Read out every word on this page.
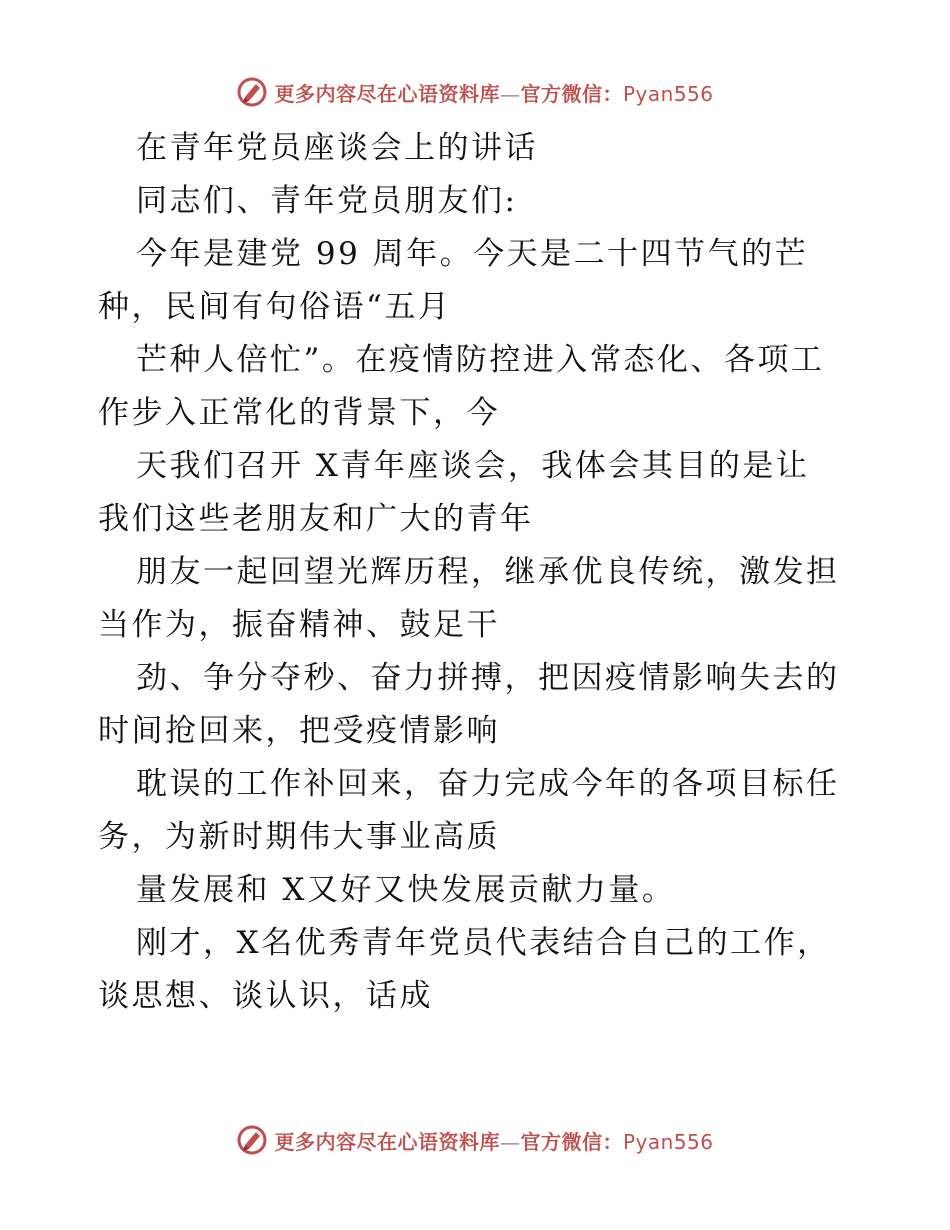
更多内容尽在心语资料库—官方微信：Pyan556
在青年党员座谈会上的讲话
同志们、青年党员朋友们:
今年是建党 99 周年。今天是二十四节气的芒
种，民间有句俗语“五月
芒种人倍忙”。在疫情防控进入常态化、各项工
作步入正常化的背景下，今
天我们召开 X青年座谈会，我体会其目的是让
我们这些老朋友和广大的青年
朋友一起回望光辉历程，继承优良传统，激发担
当作为，振奋精神、鼓足干
劲、争分夺秒、奋力拼搏，把因疫情影响失去的
时间抢回来，把受疫情影响
耽误的工作补回来，奋力完成今年的各项目标任
务，为新时期伟大事业高质
量发展和 X又好又快发展贡献力量。
刚才，X名优秀青年党员代表结合自己的工作，
谈思想、谈认识，话成
更多内容尽在心语资料库—官方微信：Pyan556
